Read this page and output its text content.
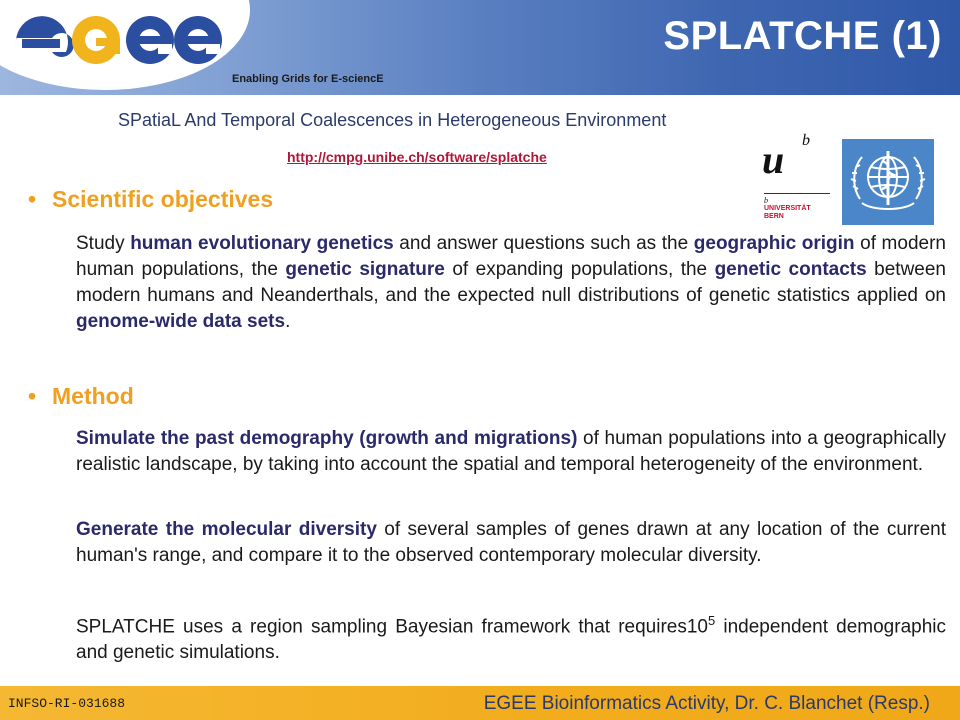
Enabling Grids for E-sciencE
SPLATCHE (1)
SPatiaL And Temporal Coalescences in Heterogeneous Environment
http://cmpg.unibe.ch/software/splatche	u b
b
UNIVERSITÄT
BERN
• Scientific objectives
Study human evolutionary genetics and answer questions such as the geographic origin of modern human populations, the genetic signature of expanding populations, the genetic contacts between modern humans and Neanderthals, and the expected null distributions of genetic statistics applied on genome-wide data sets.
• Method
Simulate the past demography (growth and migrations) of human populations into a geographically realistic landscape, by taking into account the spatial and temporal heterogeneity of the environment.
Generate the molecular diversity of several samples of genes drawn at any location of the current human's range, and compare it to the observed contemporary molecular diversity.
SPLATCHE uses a region sampling Bayesian framework that $requires10^5$ independent demographic and genetic simulations.
INFSO-RI-031688	EGEE Bioinformatics Activity, Dr. C. Blanchet (Resp.)
